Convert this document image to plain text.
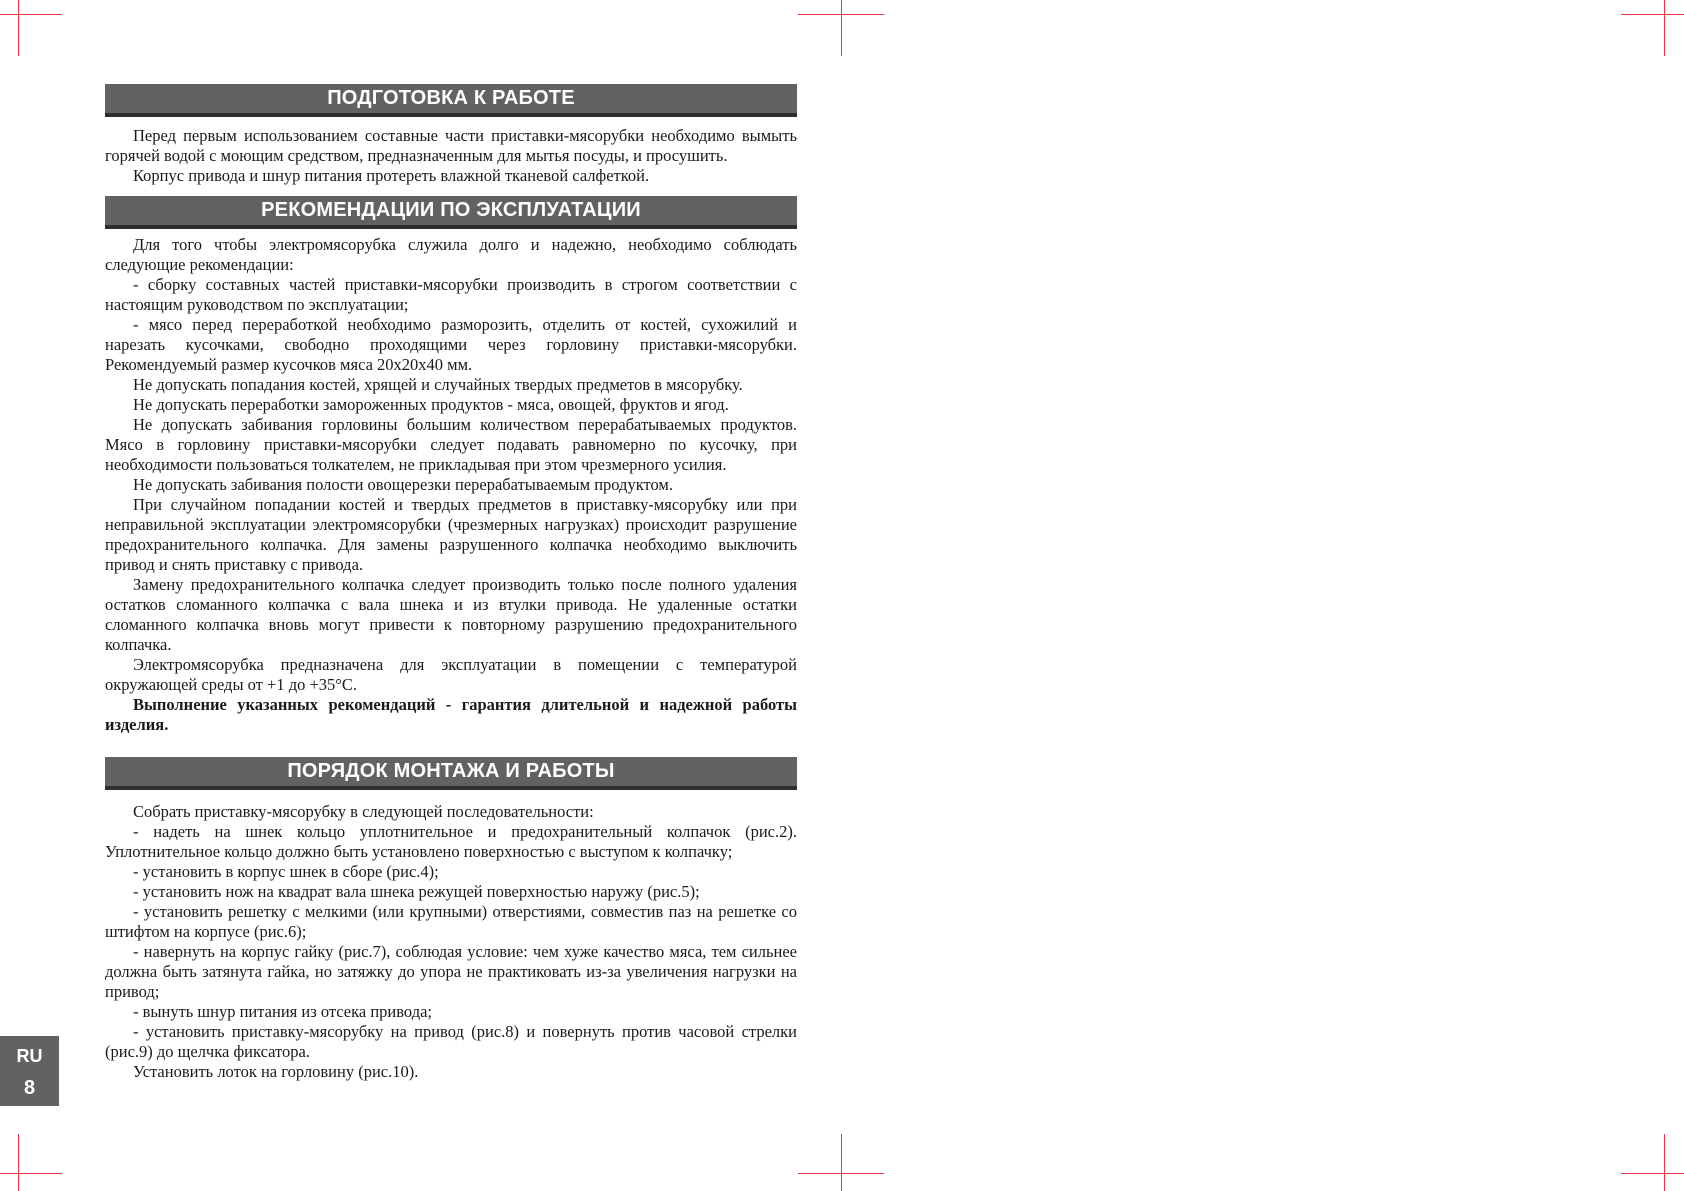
ПОДГОТОВКА К РАБОТЕ

Перед первым использованием составные части приставки-мясорубки необходимо вымыть горячей водой с моющим средством, предназначенным для мытья посуды, и просушить.

Корпус привода и шнур питания протереть влажной тканевой салфеткой.

РЕКОМЕНДАЦИИ ПО ЭКСПЛУАТАЦИИ

Для того чтобы электромясорубка служила долго и надежно, необходимо соблюдать следующие рекомендации:

- сборку составных частей приставки-мясорубки производить в строгом соответствии с настоящим руководством по эксплуатации;

- мясо перед переработкой необходимо разморозить, отделить от костей, сухожилий и нарезать кусочками, свободно проходящими через горловину приставки-мясорубки. Рекомендуемый размер кусочков мяса 20х20х40 мм.

Не допускать попадания костей, хрящей и случайных твердых предметов в мясорубку.

Не допускать переработки замороженных продуктов - мяса, овощей, фруктов и ягод.

Не допускать забивания горловины большим количеством перерабатываемых продуктов. Мясо в горловину приставки-мясорубки следует подавать равномерно по кусочку, при необходимости пользоваться толкателем, не прикладывая при этом чрезмерного усилия.

Не допускать забивания полости овощерезки перерабатываемым продуктом.

При случайном попадании костей и твердых предметов в приставку-мясорубку или при неправильной эксплуатации электромясорубки (чрезмерных нагрузках) происходит разрушение предохранительного колпачка. Для замены разрушенного колпачка необходимо выключить привод и снять приставку с привода.

Замену предохранительного колпачка следует производить только после полного удаления остатков сломанного колпачка с вала шнека и из втулки привода. Не удаленные остатки сломанного колпачка вновь могут привести к повторному разрушению предохранительного колпачка.

Электромясорубка предназначена для эксплуатации в помещении с температурой окружающей среды от +1 до +35°С.

Выполнение указанных рекомендаций - гарантия длительной и надежной работы изделия.

ПОРЯДОК МОНТАЖА И РАБОТЫ

Собрать приставку-мясорубку в следующей последовательности:

- надеть на шнек кольцо уплотнительное и предохранительный колпачок (рис.2). Уплотнительное кольцо должно быть установлено поверхностью с выступом к колпачку;

- установить в корпус шнек в сборе (рис.4);

- установить нож на квадрат вала шнека режущей поверхностью наружу (рис.5);

- установить решетку с мелкими (или крупными) отверстиями, совместив паз на решетке со штифтом на корпусе (рис.6);

- навернуть на корпус гайку (рис.7), соблюдая условие: чем хуже качество мяса, тем сильнее должна быть затянута гайка, но затяжку до упора не практиковать из-за увеличения нагрузки на привод;

- вынуть шнур питания из отсека привода;

- установить приставку-мясорубку на привод (рис.8) и повернуть против часовой стрелки (рис.9) до щелчка фиксатора.

Установить лоток на горловину (рис.10).

RU
8
